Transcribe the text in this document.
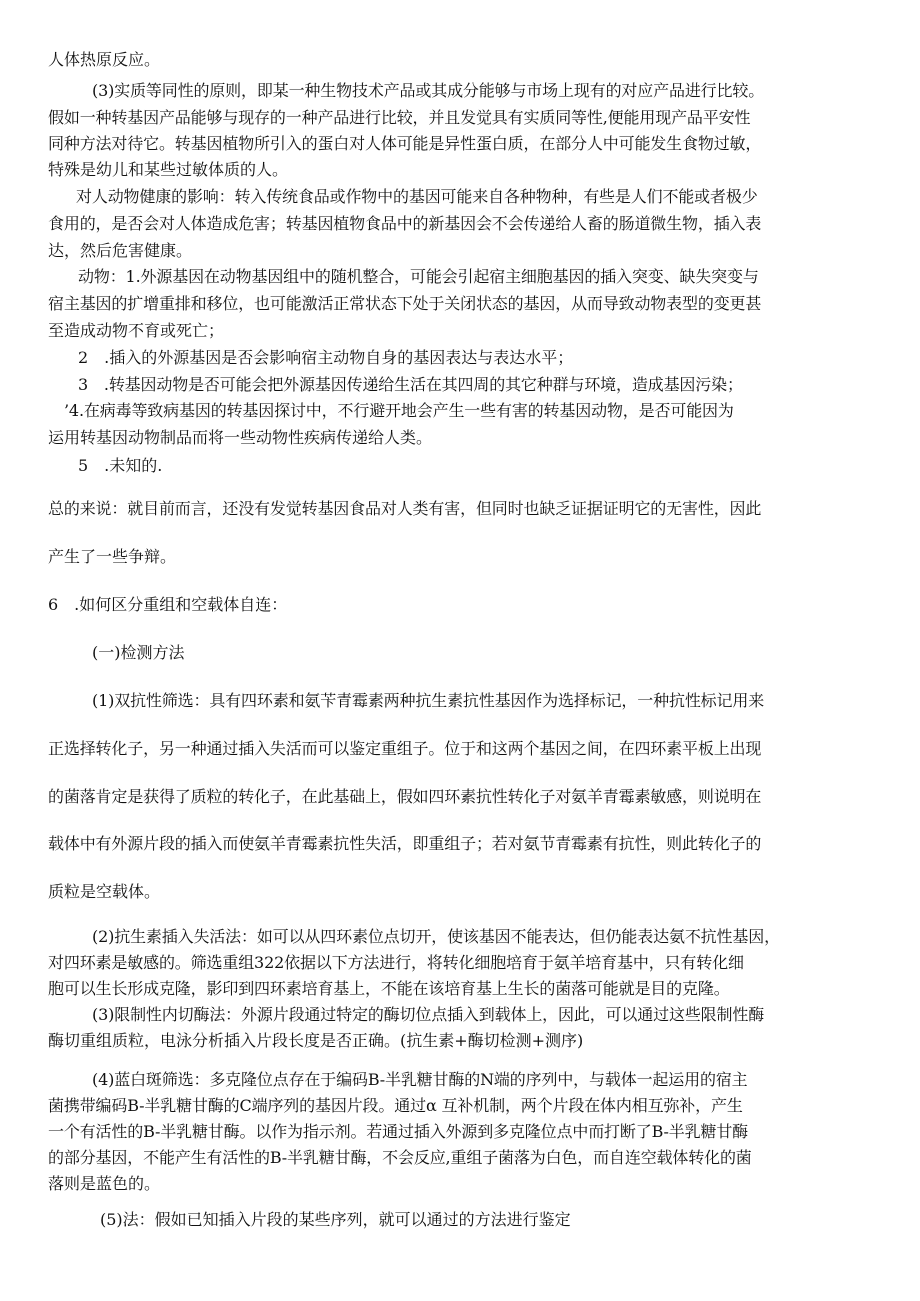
人体热原反应。
(3)实质等同性的原则，即某一种生物技术产品或其成分能够与市场上现有的对应产品进行比较。
假如一种转基因产品能够与现存的一种产品进行比较，并且发觉具有实质同等性,便能用现产品平安性
同种方法对待它。转基因植物所引入的蛋白对人体可能是异性蛋白质，在部分人中可能发生食物过敏，
特殊是幼儿和某些过敏体质的人。
对人动物健康的影响：转入传统食品或作物中的基因可能来自各种物种，有些是人们不能或者极少
食用的，是否会对人体造成危害；转基因植物食品中的新基因会不会传递给人畜的肠道微生物，插入表
达，然后危害健康。
动物：1.外源基因在动物基因组中的随机整合，可能会引起宿主细胞基因的插入突变、缺失突变与
宿主基因的扩增重排和移位，也可能激活正常状态下处于关闭状态的基因，从而导致动物表型的变更甚
至造成动物不育或死亡；
2　.插入的外源基因是否会影响宿主动物自身的基因表达与表达水平；
3　.转基因动物是否可能会把外源基因传递给生活在其四周的其它种群与环境，造成基因污染；
’4.在病毒等致病基因的转基因探讨中，不行避开地会产生一些有害的转基因动物，是否可能因为
运用转基因动物制品而将一些动物性疾病传递给人类。
5　.未知的.
总的来说：就目前而言，还没有发觉转基因食品对人类有害，但同时也缺乏证据证明它的无害性，因此
产生了一些争辩。
6　.如何区分重组和空载体自连：
(一)检测方法
(1)双抗性筛选：具有四环素和氨苄青霉素两种抗生素抗性基因作为选择标记，一种抗性标记用来
正选择转化子，另一种通过插入失活而可以鉴定重组子。位于和这两个基因之间，在四环素平板上出现
的菌落肯定是获得了质粒的转化子，在此基础上，假如四环素抗性转化子对氨羊青霉素敏感，则说明在
载体中有外源片段的插入而使氨羊青霉素抗性失活，即重组子；若对氨节青霉素有抗性，则此转化子的
质粒是空载体。
(2)抗生素插入失活法：如可以从四环素位点切开，使该基因不能表达，但仍能表达氨不抗性基因，
对四环素是敏感的。筛选重组322依据以下方法进行，将转化细胞培育于氨羊培育基中，只有转化细
胞可以生长形成克隆，影印到四环素培育基上，不能在该培育基上生长的菌落可能就是目的克隆。
(3)限制性内切酶法：外源片段通过特定的酶切位点插入到载体上，因此，可以通过这些限制性酶
酶切重组质粒，电泳分析插入片段长度是否正确。(抗生素+酶切检测+测序)
(4)蓝白斑筛选：多克隆位点存在于编码B-半乳糖甘酶的N端的序列中，与载体一起运用的宿主
菌携带编码B-半乳糖甘酶的C端序列的基因片段。通过α 互补机制，两个片段在体内相互弥补，产生
一个有活性的B-半乳糖甘酶。以作为指示剂。若通过插入外源到多克隆位点中而打断了B-半乳糖甘酶
的部分基因，不能产生有活性的B-半乳糖甘酶，不会反应,重组子菌落为白色，而自连空载体转化的菌
落则是蓝色的。
(5)法：假如已知插入片段的某些序列，就可以通过的方法进行鉴定
